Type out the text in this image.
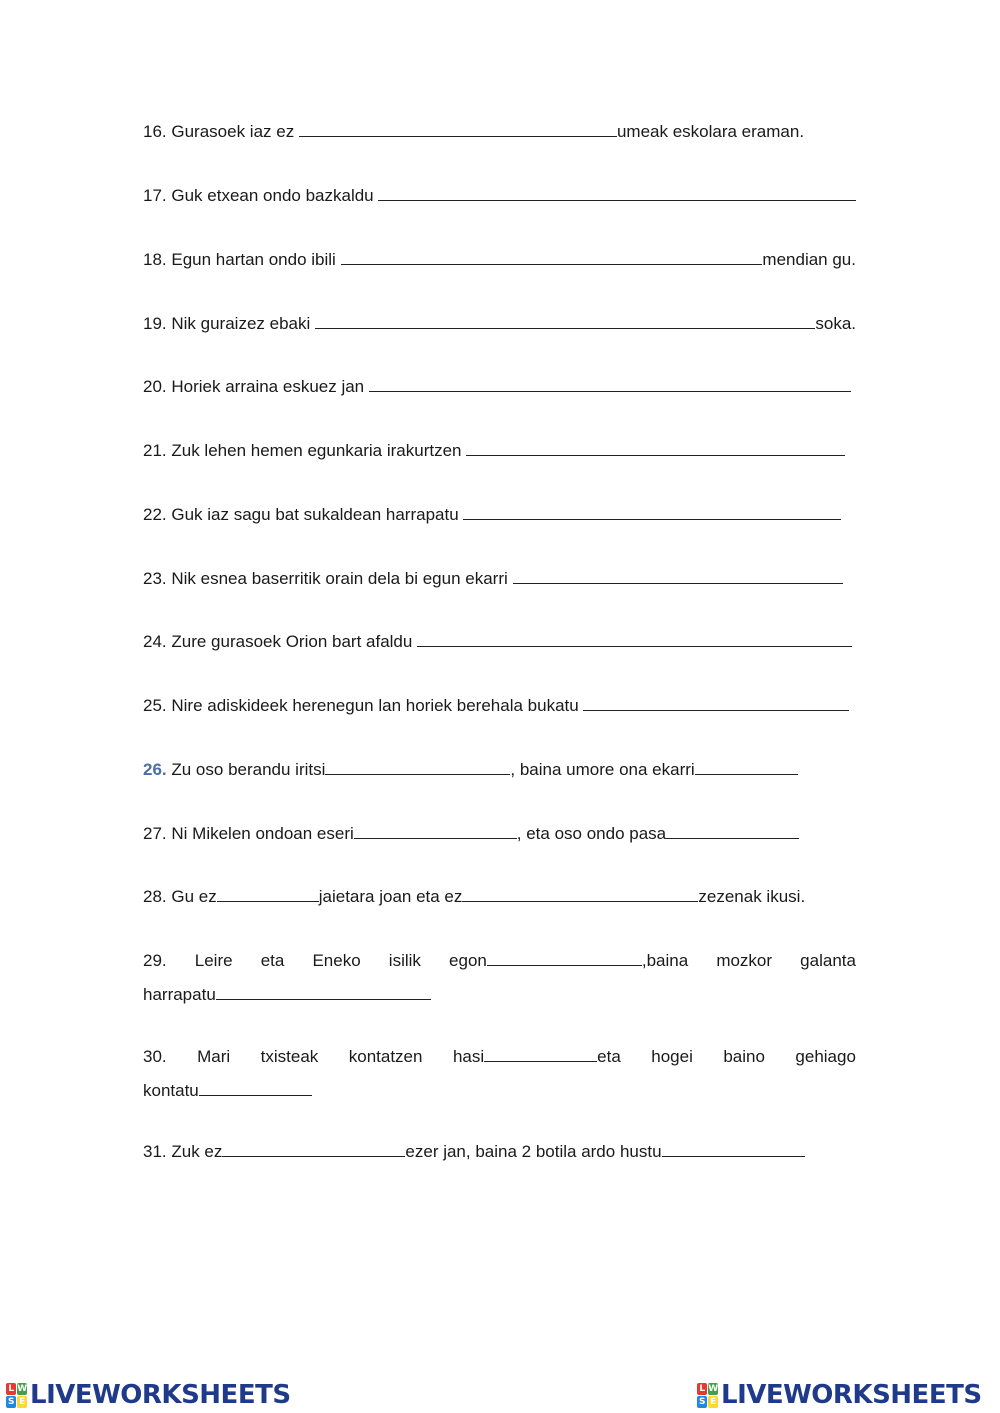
16.
Gurasoek iaz ez
	umeak eskolara eraman.
17.
Guk etxean ondo bazkaldu

18.
Egun hartan ondo ibili
	mendian gu.
19.
Nik guraizez ebaki
	soka.
20.
Horiek arraina eskuez jan

21.
Zuk lehen hemen egunkaria irakurtzen

22.
Guk iaz sagu bat sukaldean harrapatu

23.
Nik esnea baserritik orain dela bi egun ekarri

24.
Zure gurasoek Orion bart afaldu

25.
Nire adiskideek herenegun lan horiek berehala bukatu

26.
Zu oso berandu iritsi	, baina umore ona ekarri
27.
Ni Mikelen ondoan eseri	, eta oso ondo pasa
28.
Gu ez	jaietara joan eta ez	zezenak ikusi.
29. Leire eta Eneko isilik egon	,baina mozkor galanta
harrapatu
30. Mari txisteak kontatzen hasi	eta hogei baino gehiago
kontatu
31.
Zuk ez	ezer jan, baina 2 botila ardo hustu
L W
S E LIVEWORKSHEETS	L W
S E LIVEWORKSHEETS
